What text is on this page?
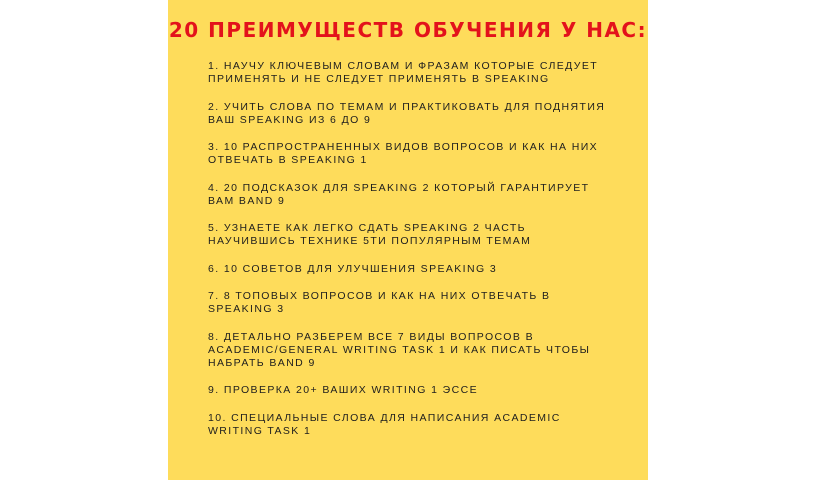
20 ПРЕИМУЩЕСТВ ОБУЧЕНИЯ У НАС:
1. НАУЧУ КЛЮЧЕВЫМ СЛОВАМ И ФРАЗАМ КОТОРЫЕ СЛЕДУЕТ ПРИМЕНЯТЬ И НЕ СЛЕДУЕТ ПРИМЕНЯТЬ В SPEAKING
2. УЧИТЬ СЛОВА ПО ТЕМАМ И ПРАКТИКОВАТЬ ДЛЯ ПОДНЯТИЯ ВАШ SPEAKING ИЗ 6 ДО 9
3. 10 РАСПРОСТРАНЕННЫХ ВИДОВ ВОПРОСОВ И КАК НА НИХ ОТВЕЧАТЬ В SPEAKING 1
4. 20 ПОДСКАЗОК ДЛЯ SPEAKING 2 КОТОРЫЙ ГАРАНТИРУЕТ ВАМ BAND 9
5. УЗНАЕТЕ КАК ЛЕГКО СДАТЬ SPEAKING 2 ЧАСТЬ НАУЧИВШИСЬ ТЕХНИКЕ 5ТИ ПОПУЛЯРНЫМ ТЕМАМ
6. 10 СОВЕТОВ ДЛЯ УЛУЧШЕНИЯ SPEAKING 3
7. 8 ТОПОВЫХ ВОПРОСОВ И КАК НА НИХ ОТВЕЧАТЬ В SPEAKING 3
8. ДЕТАЛЬНО РАЗБЕРЕМ ВСЕ 7 ВИДЫ ВОПРОСОВ В ACADEMIC/GENERAL WRITING TASK 1 И КАК ПИСАТЬ ЧТОБЫ НАБРАТЬ BAND 9
9. ПРОВЕРКА 20+ ВАШИХ WRITING 1 ЭССЕ
10. СПЕЦИАЛЬНЫЕ СЛОВА ДЛЯ НАПИСАНИЯ ACADEMIC WRITING TASK 1
